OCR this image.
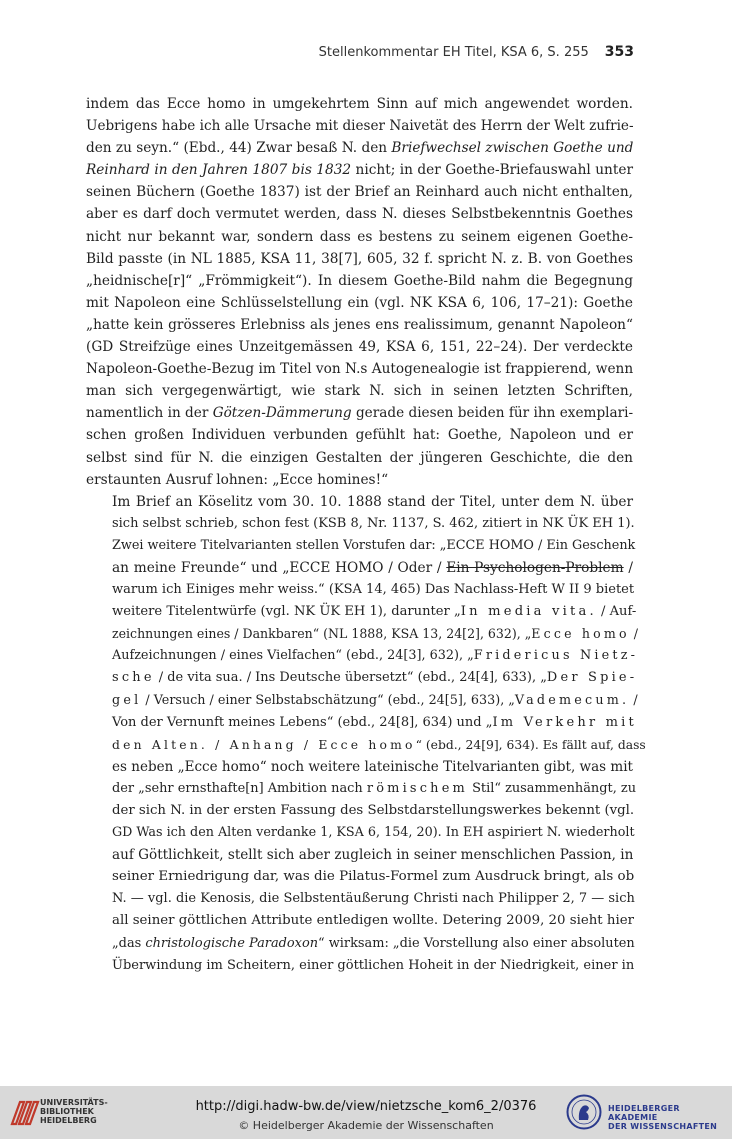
Stellenkommentar EH Titel, KSA 6, S. 255 353

indem das Ecce homo in umgekehrtem Sinn auf mich angewendet worden.
Uebrigens habe ich alle Ursache mit dieser Naivetät des Herrn der Welt zufrie-
den zu seyn.“ (Ebd., 44) Zwar besaß N. den Briefwechsel zwischen Goethe und
Reinhard in den Jahren 1807 bis 1832 nicht; in der Goethe-Briefauswahl unter
seinen Büchern (Goethe 1837) ist der Brief an Reinhard auch nicht enthalten,
aber es darf doch vermutet werden, dass N. dieses Selbstbekenntnis Goethes
nicht nur bekannt war, sondern dass es bestens zu seinem eigenen Goethe-
Bild passte (in NL 1885, KSA 11, 38[7], 605, 32 f. spricht N. z. B. von Goethes
„heidnische[r]“ „Frömmigkeit“). In diesem Goethe-Bild nahm die Begegnung
mit Napoleon eine Schlüsselstellung ein (vgl. NK KSA 6, 106, 17–21): Goethe
„hatte kein grösseres Erlebniss als jenes ens realissimum, genannt Napoleon“
(GD Streifzüge eines Unzeitgemässen 49, KSA 6, 151, 22–24). Der verdeckte
Napoleon-Goethe-Bezug im Titel von N.s Autogenealogie ist frappierend, wenn
man sich vergegenwärtigt, wie stark N. sich in seinen letzten Schriften,
namentlich in der Götzen-Dämmerung gerade diesen beiden für ihn exemplari-
schen großen Individuen verbunden gefühlt hat: Goethe, Napoleon und er
selbst sind für N. die einzigen Gestalten der jüngeren Geschichte, die den
erstaunten Ausruf lohnen: „Ecce homines!“

Im Brief an Köselitz vom 30. 10. 1888 stand der Titel, unter dem N. über
sich selbst schrieb, schon fest (KSB 8, Nr. 1137, S. 462, zitiert in NK ÜK EH 1).
Zwei weitere Titelvarianten stellen Vorstufen dar: „ECCE HOMO / Ein Geschenk
an meine Freunde“ und „ECCE HOMO / Oder / Ein Psychologen-Problem /
warum ich Einiges mehr weiss.“ (KSA 14, 465) Das Nachlass-Heft W II 9 bietet
weitere Titelentwürfe (vgl. NK ÜK EH 1), darunter „In media vita. / Auf-
zeichnungen eines / Dankbaren“ (NL 1888, KSA 13, 24[2], 632), „Ecce homo /
Aufzeichnungen / eines Vielfachen“ (ebd., 24[3], 632), „Fridericus Nietz-
sche / de vita sua. / Ins Deutsche übersetzt“ (ebd., 24[4], 633), „Der Spie-
gel / Versuch / einer Selbstabschätzung“ (ebd., 24[5], 633), „Vademecum. /
Von der Vernunft meines Lebens“ (ebd., 24[8], 634) und „Im Verkehr mit
den Alten. / Anhang / Ecce homo“ (ebd., 24[9], 634). Es fällt auf, dass
es neben „Ecce homo“ noch weitere lateinische Titelvarianten gibt, was mit
der „sehr ernsthafte[n] Ambition nach römischem Stil“ zusammenhängt, zu
der sich N. in der ersten Fassung des Selbstdarstellungswerkes bekennt (vgl.
GD Was ich den Alten verdanke 1, KSA 6, 154, 20). In EH aspiriert N. wiederholt
auf Göttlichkeit, stellt sich aber zugleich in seiner menschlichen Passion, in
seiner Erniedrigung dar, was die Pilatus-Formel zum Ausdruck bringt, als ob
N. — vgl. die Kenosis, die Selbstentäußerung Christi nach Philipper 2, 7 — sich
all seiner göttlichen Attribute entledigen wollte. Detering 2009, 20 sieht hier
„das christologische Paradoxon“ wirksam: „die Vorstellung also einer absoluten
Überwindung im Scheitern, einer göttlichen Hoheit in der Niedrigkeit, einer in

UNIVERSITÄTS-
BIBLIOTHEK
HEIDELBERG
http://digi.hadw-bw.de/view/nietzsche_kom6_2/0376
© Heidelberger Akademie der Wissenschaften
HEIDELBERGER AKADEMIE
DER WISSENSCHAFTEN
